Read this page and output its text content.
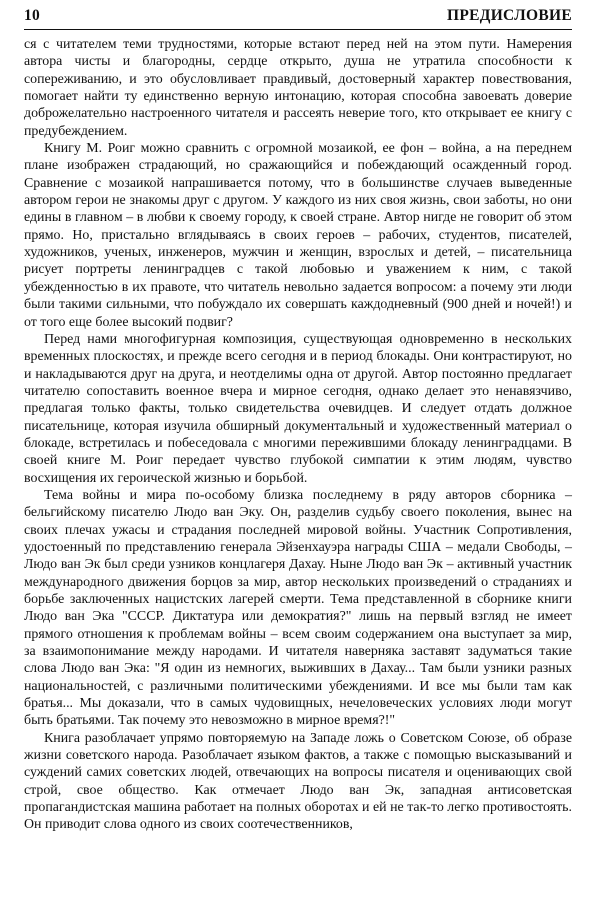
10	ПРЕДИСЛОВИЕ

ся с читателем теми трудностями, которые встают перед ней на этом пути. Намерения автора чисты и благородны, сердце открыто, душа не утратила способности к сопереживанию, и это обусловливает правдивый, достоверный характер повествования, помогает найти ту единственно верную интонацию, которая способна завоевать доверие доброжелательно настроенного читателя и рассеять неверие того, кто открывает ее книгу с предубеждением.

Книгу М. Роиг можно сравнить с огромной мозаикой, ее фон – война, а на переднем плане изображен страдающий, но сражающийся и побеждающий осажденный город. Сравнение с мозаикой напрашивается потому, что в большинстве случаев выведенные автором герои не знакомы друг с другом. У каждого из них своя жизнь, свои заботы, но они едины в главном – в любви к своему городу, к своей стране. Автор нигде не говорит об этом прямо. Но, пристально вглядываясь в своих героев – рабочих, студентов, писателей, художников, ученых, инженеров, мужчин и женщин, взрослых и детей, – писательница рисует портреты ленинградцев с такой любовью и уважением к ним, с такой убежденностью в их правоте, что читатель невольно задается вопросом: а почему эти люди были такими сильными, что побуждало их совершать каждодневный (900 дней и ночей!) и от того еще более высокий подвиг?

Перед нами многофигурная композиция, существующая одновременно в нескольких временных плоскостях, и прежде всего сегодня и в период блокады. Они контрастируют, но и накладываются друг на друга, и неотделимы одна от другой. Автор постоянно предлагает читателю сопоставить военное вчера и мирное сегодня, однако делает это ненавязчиво, предлагая только факты, только свидетельства очевидцев. И следует отдать должное писательнице, которая изучила обширный документальный и художественный материал о блокаде, встретилась и побеседовала с многими пережившими блокаду ленинградцами. В своей книге М. Роиг передает чувство глубокой симпатии к этим людям, чувство восхищения их героической жизнью и борьбой.

Тема войны и мира по-особому близка последнему в ряду авторов сборника – бельгийскому писателю Людо ван Эку. Он, разделив судьбу своего поколения, вынес на своих плечах ужасы и страдания последней мировой войны. Участник Сопротивления, удостоенный по представлению генерала Эйзенхауэра награды США – медали Свободы, – Людо ван Эк был среди узников концлагеря Дахау. Ныне Людо ван Эк – активный участник международного движения борцов за мир, автор нескольких произведений о страданиях и борьбе заключенных нацистских лагерей смерти. Тема представленной в сборнике книги Людо ван Эка "СССР. Диктатура или демократия?" лишь на первый взгляд не имеет прямого отношения к проблемам войны – всем своим содержанием она выступает за мир, за взаимопонимание между народами. И читателя наверняка заставят задуматься такие слова Людо ван Эка: "Я один из немногих, выживших в Дахау... Там были узники разных национальностей, с различными политическими убеждениями. И все мы были там как братья... Мы доказали, что в самых чудовищных, нечеловеческих условиях люди могут быть братьями. Так почему это невозможно в мирное время?!"

Книга разоблачает упрямо повторяемую на Западе ложь о Советском Союзе, об образе жизни советского народа. Разоблачает языком фактов, а также с помощью высказываний и суждений самих советских людей, отвечающих на вопросы писателя и оценивающих свой строй, свое общество. Как отмечает Людо ван Эк, западная антисоветская пропагандистская машина работает на полных оборотах и ей не так-то легко противостоять. Он приводит слова одного из своих соотечественников,
